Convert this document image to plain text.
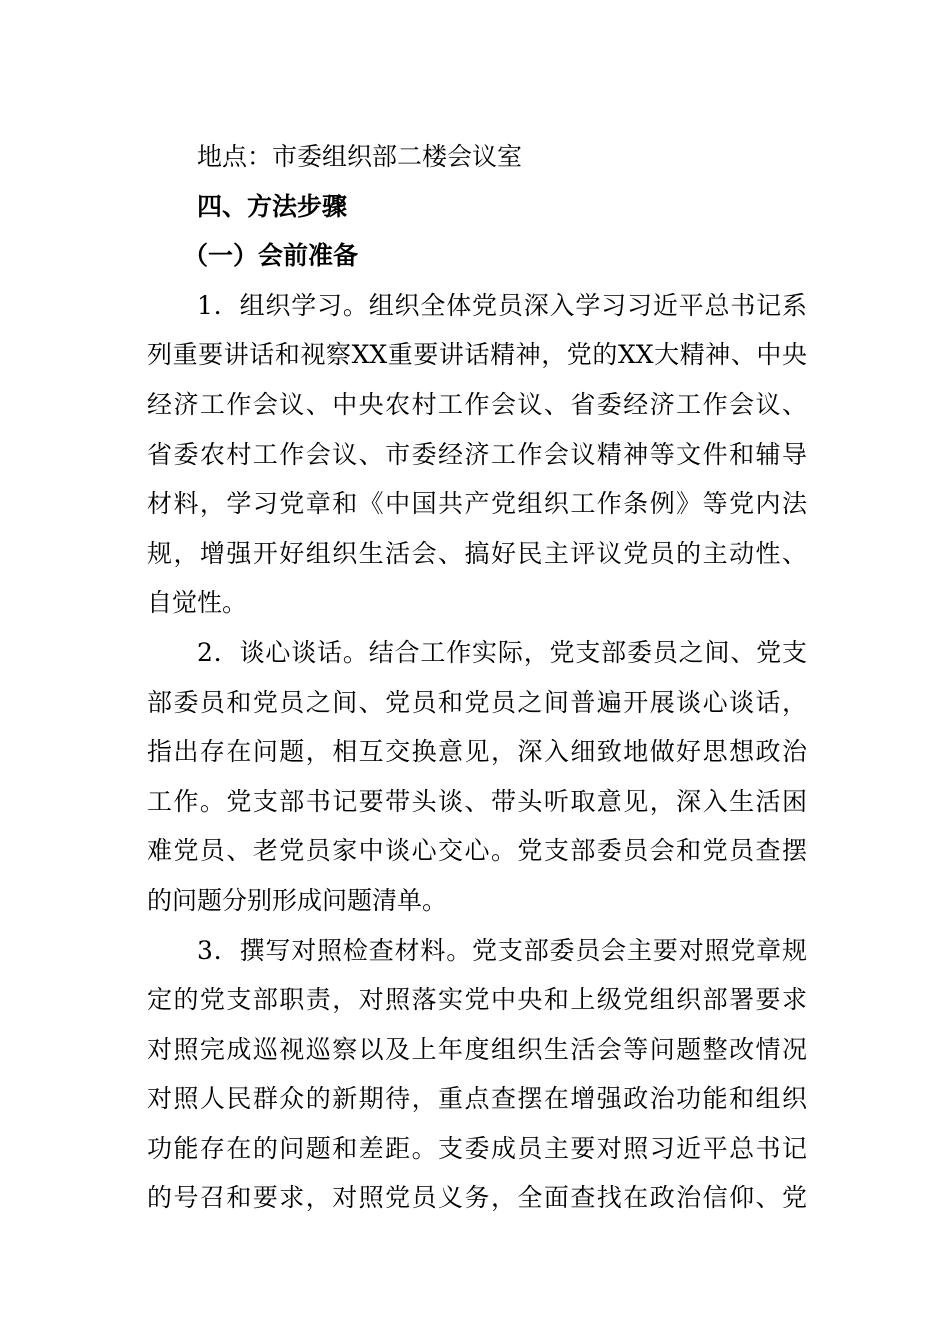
地点：市委组织部二楼会议室
四、方法步骤
（一）会前准备
1．组织学习。组织全体党员深入学习习近平总书记系
列重要讲话和视察XX重要讲话精神，党的XX大精神、中央
经济工作会议、中央农村工作会议、省委经济工作会议、
省委农村工作会议、市委经济工作会议精神等文件和辅导
材料，学习党章和《中国共产党组织工作条例》等党内法
规，增强开好组织生活会、搞好民主评议党员的主动性、
自觉性。
2．谈心谈话。结合工作实际，党支部委员之间、党支
部委员和党员之间、党员和党员之间普遍开展谈心谈话，
指出存在问题，相互交换意见，深入细致地做好思想政治
工作。党支部书记要带头谈、带头听取意见，深入生活困
难党员、老党员家中谈心交心。党支部委员会和党员查摆
的问题分别形成问题清单。
3．撰写对照检查材料。党支部委员会主要对照党章规
定的党支部职责，对照落实党中央和上级党组织部署要求
对照完成巡视巡察以及上年度组织生活会等问题整改情况
对照人民群众的新期待，重点查摆在增强政治功能和组织
功能存在的问题和差距。支委成员主要对照习近平总书记
的号召和要求，对照党员义务，全面查找在政治信仰、党
